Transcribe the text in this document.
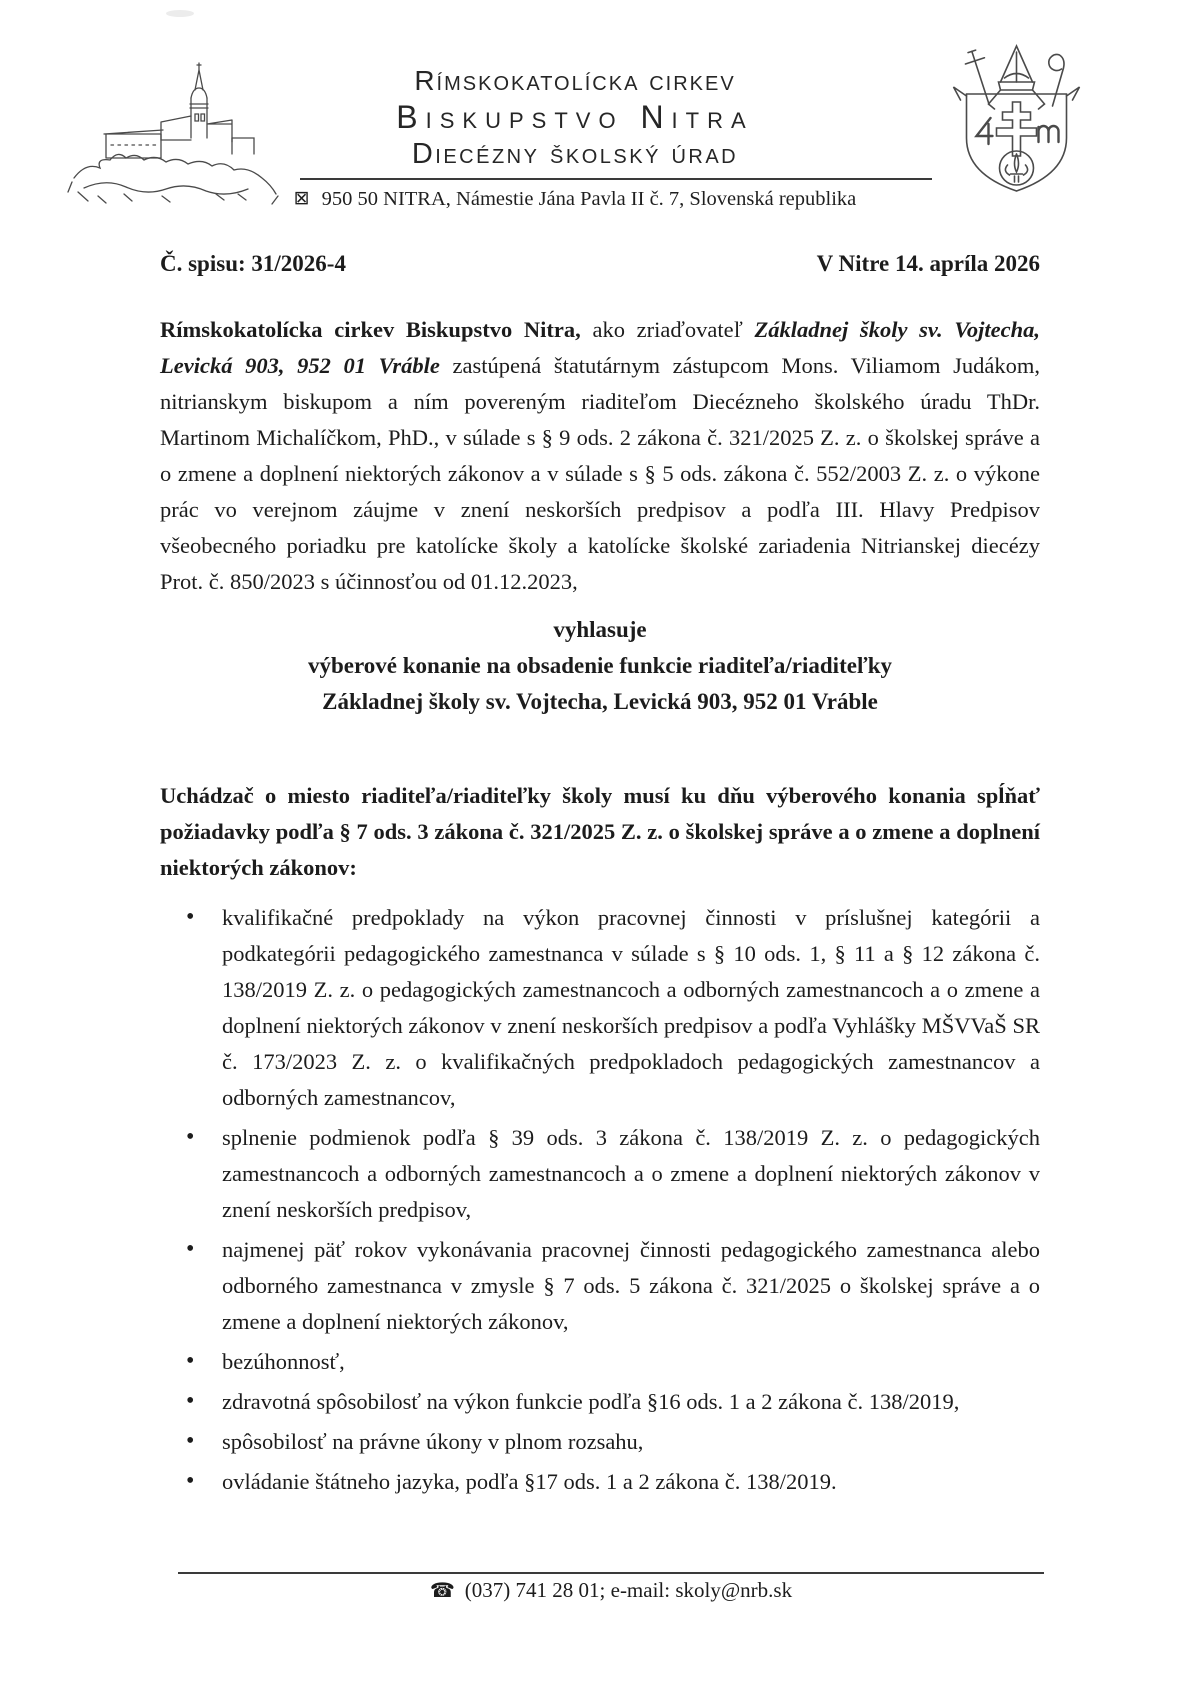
Rímskokatolícka cirkev
Biskupstvo Nitra
Diecézny školský úrad
⊠ 950 50 NITRA, Námestie Jána Pavla II č. 7, Slovenská republika
Č. spisu: 31/2026-4	V Nitre 14. apríla 2026

Rímskokatolícka cirkev Biskupstvo Nitra, ako zriaďovateľ Základnej školy sv. Vojtecha, Levická 903, 952 01 Vráble zastúpená štatutárnym zástupcom Mons. Viliamom Judákom, nitrianskym biskupom a ním povereným riaditeľom Diecézneho školského úradu ThDr. Martinom Michalíčkom, PhD., v súlade s § 9 ods. 2 zákona č. 321/2025 Z. z. o školskej správe a o zmene a doplnení niektorých zákonov a v súlade s § 5 ods. zákona č. 552/2003 Z. z. o výkone prác vo verejnom záujme v znení neskorších predpisov a podľa III. Hlavy Predpisov všeobecného poriadku pre katolícke školy a katolícke školské zariadenia Nitrianskej diecézy Prot. č. 850/2023 s účinnosťou od 01.12.2023,

vyhlasuje
výberové konanie na obsadenie funkcie riaditeľa/riaditeľky
Základnej školy sv. Vojtecha, Levická 903, 952 01 Vráble

Uchádzač o miesto riaditeľa/riaditeľky školy musí ku dňu výberového konania spĺňať požiadavky podľa § 7 ods. 3 zákona č. 321/2025 Z. z. o školskej správe a o zmene a doplnení niektorých zákonov:

• kvalifikačné predpoklady na výkon pracovnej činnosti v príslušnej kategórii a podkategórii pedagogického zamestnanca v súlade s § 10 ods. 1, § 11 a § 12 zákona č. 138/2019 Z. z. o pedagogických zamestnancoch a odborných zamestnancoch a o zmene a doplnení niektorých zákonov v znení neskorších predpisov a podľa Vyhlášky MŠVVaŠ SR č. 173/2023 Z. z. o kvalifikačných predpokladoch pedagogických zamestnancov a odborných zamestnancov,
• splnenie podmienok podľa § 39 ods. 3 zákona č. 138/2019 Z. z. o pedagogických zamestnancoch a odborných zamestnancoch a o zmene a doplnení niektorých zákonov v znení neskorších predpisov,
• najmenej päť rokov vykonávania pracovnej činnosti pedagogického zamestnanca alebo odborného zamestnanca v zmysle § 7 ods. 5 zákona č. 321/2025 o školskej správe a o zmene a doplnení niektorých zákonov,
• bezúhonnosť,
• zdravotná spôsobilosť na výkon funkcie podľa §16 ods. 1 a 2 zákona č. 138/2019,
• spôsobilosť na právne úkony v plnom rozsahu,
• ovládanie štátneho jazyka, podľa §17 ods. 1 a 2 zákona č. 138/2019.
☎ (037) 741 28 01; e-mail: skoly@nrb.sk
